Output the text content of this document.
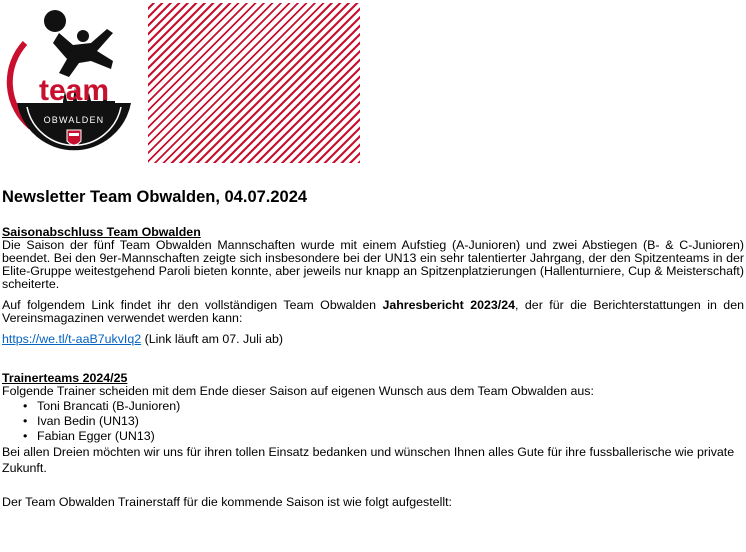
team
OBWALDEN
Newsletter Team Obwalden, 04.07.2024

Saisonabschluss Team Obwalden

Die Saison der fünf Team Obwalden Mannschaften wurde mit einem Aufstieg (A-Junioren) und zwei Abstiegen (B- & C-Junioren) beendet. Bei den 9er-Mannschaften zeigte sich insbesondere bei der UN13 ein sehr talentierter Jahrgang, der den Spitzenteams in der Elite-Gruppe weitestgehend Paroli bieten konnte, aber jeweils nur knapp an Spitzenplatzierungen (Hallenturniere, Cup & Meisterschaft) scheiterte.

Auf folgendem Link findet ihr den vollständigen Team Obwalden Jahresbericht 2023/24, der für die Berichterstattungen in den Vereinsmagazinen verwendet werden kann:

https://we.tl/t-aaB7ukvIq2 (Link läuft am 07. Juli ab)

Trainerteams 2024/25

Folgende Trainer scheiden mit dem Ende dieser Saison auf eigenen Wunsch aus dem Team Obwalden aus:

• Toni Brancati (B-Junioren)
• Ivan Bedin (UN13)
• Fabian Egger (UN13)

Bei allen Dreien möchten wir uns für ihren tollen Einsatz bedanken und wünschen Ihnen alles Gute für ihre fussballerische wie private Zukunft.

Der Team Obwalden Trainerstaff für die kommende Saison ist wie folgt aufgestellt:
